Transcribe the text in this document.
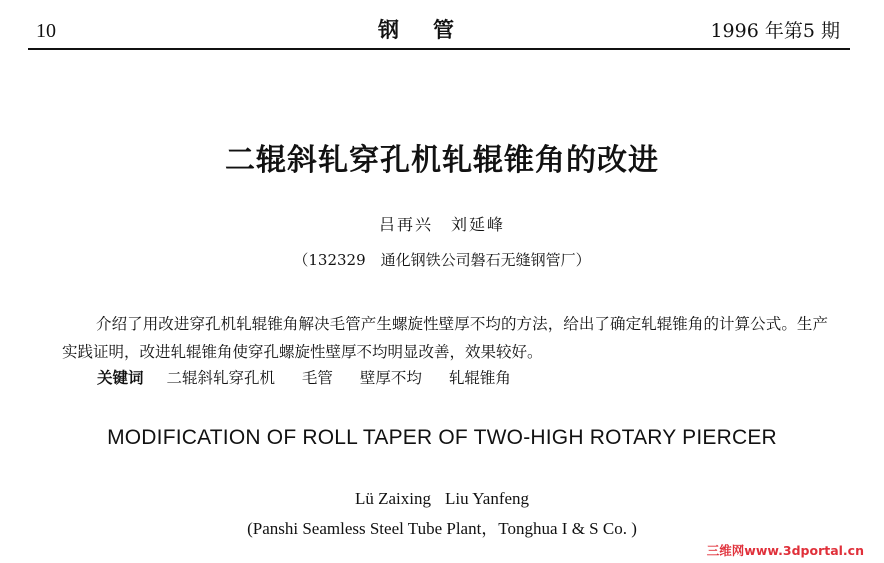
10	钢管	1996 年第5 期
二辊斜轧穿孔机轧辊锥角的改进
吕再兴　刘延峰
（132329　通化钢铁公司磐石无缝钢管厂）

介绍了用改进穿孔机轧辊锥角解决毛管产生螺旋性壁厚不均的方法，给出了确定轧辊锥角的计算公式。生产实践证明，改进轧辊锥角使穿孔螺旋性壁厚不均明显改善，效果较好。

关键词 二辊斜轧穿孔机 毛管 壁厚不均 轧辊锥角
MODIFICATION OF ROLL TAPER OF TWO-HIGH ROTARY PIERCER
Lü Zaixing Liu Yanfeng
(Panshi Seamless Steel Tube Plant，Tonghua I & S Co. )
三维网www.3dportal.cn
